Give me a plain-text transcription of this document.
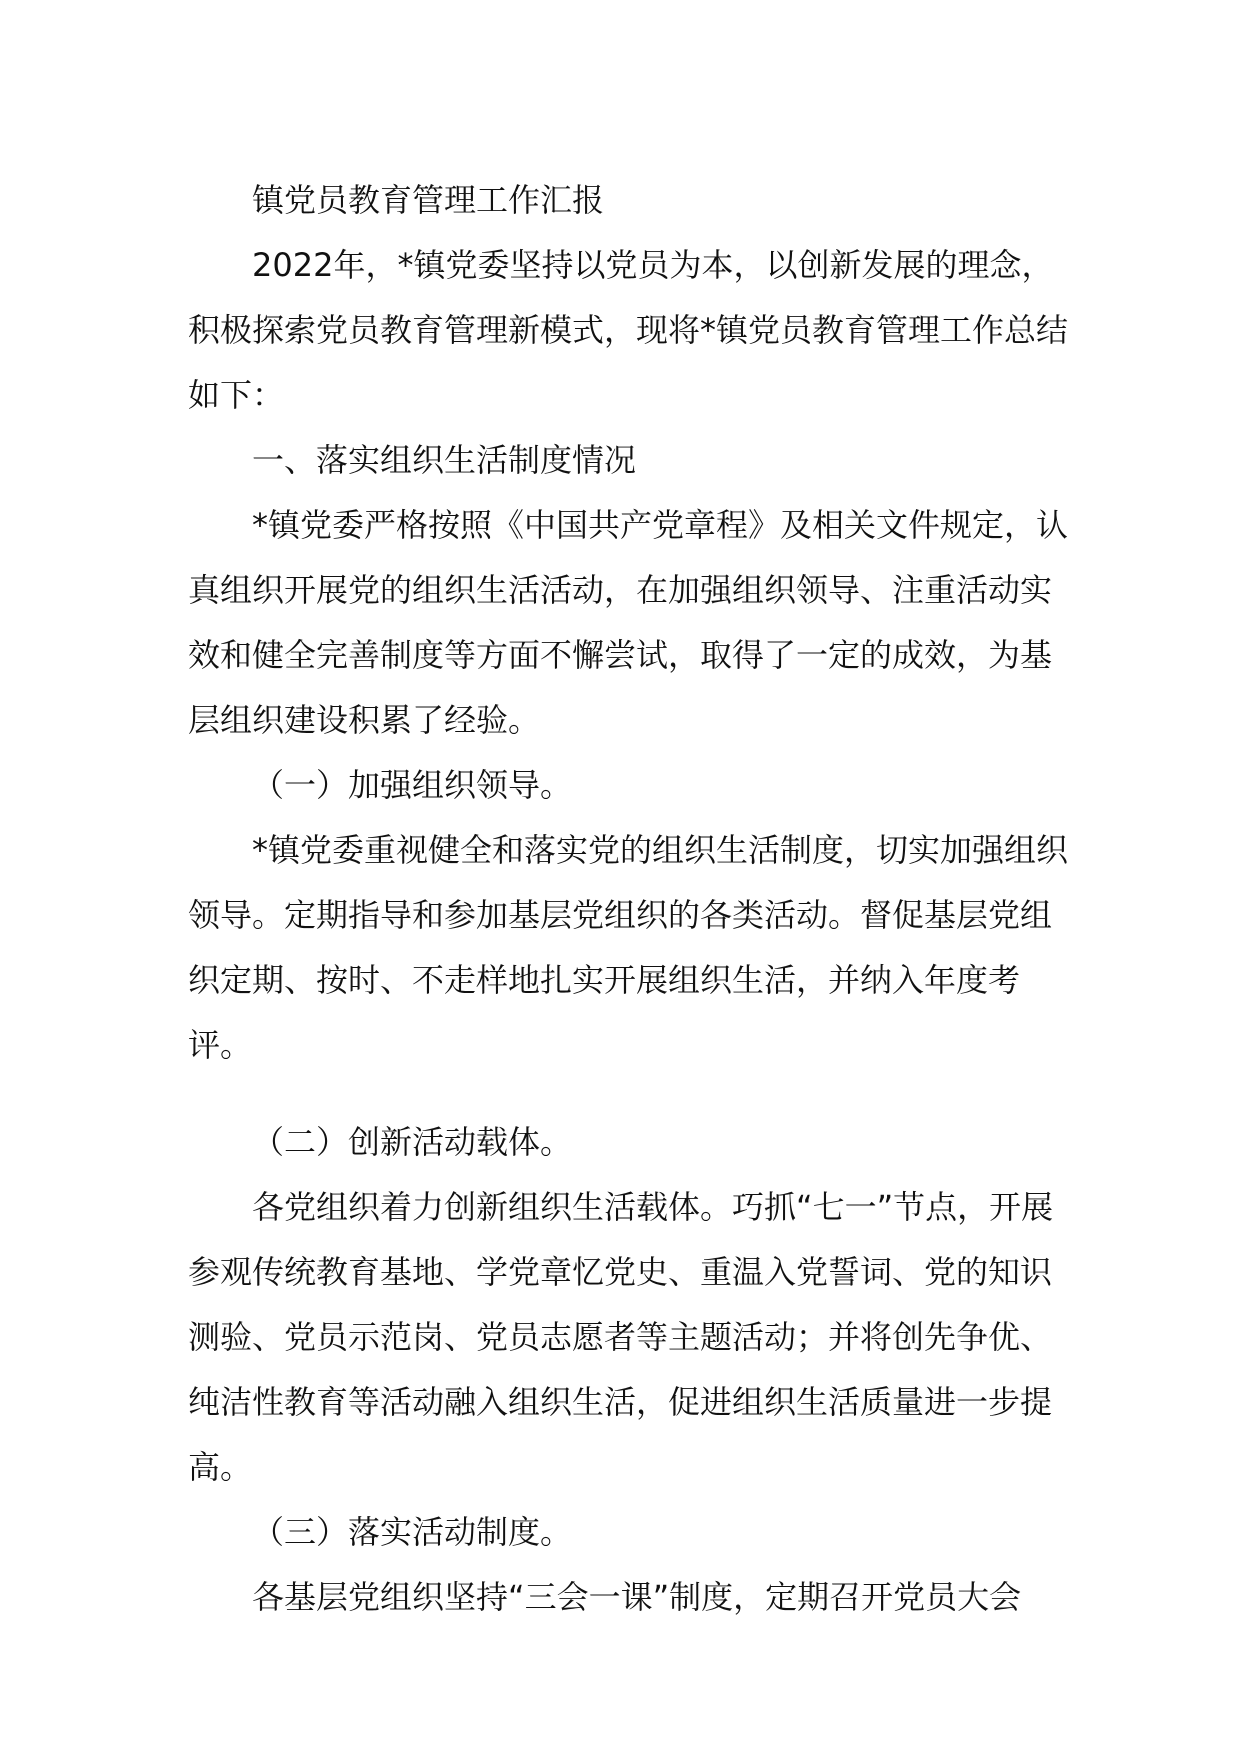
镇党员教育管理工作汇报

2022年，*镇党委坚持以党员为本，以创新发展的理念，积极探索党员教育管理新模式，现将*镇党员教育管理工作总结如下：

一、落实组织生活制度情况

*镇党委严格按照《中国共产党章程》及相关文件规定，认真组织开展党的组织生活活动，在加强组织领导、注重活动实效和健全完善制度等方面不懈尝试，取得了一定的成效，为基层组织建设积累了经验。

（一）加强组织领导。

*镇党委重视健全和落实党的组织生活制度，切实加强组织领导。定期指导和参加基层党组织的各类活动。督促基层党组织定期、按时、不走样地扎实开展组织生活，并纳入年度考评。

（二）创新活动载体。

各党组织着力创新组织生活载体。巧抓“七一”节点，开展参观传统教育基地、学党章忆党史、重温入党誓词、党的知识测验、党员示范岗、党员志愿者等主题活动；并将创先争优、纯洁性教育等活动融入组织生活，促进组织生活质量进一步提高。

（三）落实活动制度。

各基层党组织坚持“三会一课”制度，定期召开党员大会
